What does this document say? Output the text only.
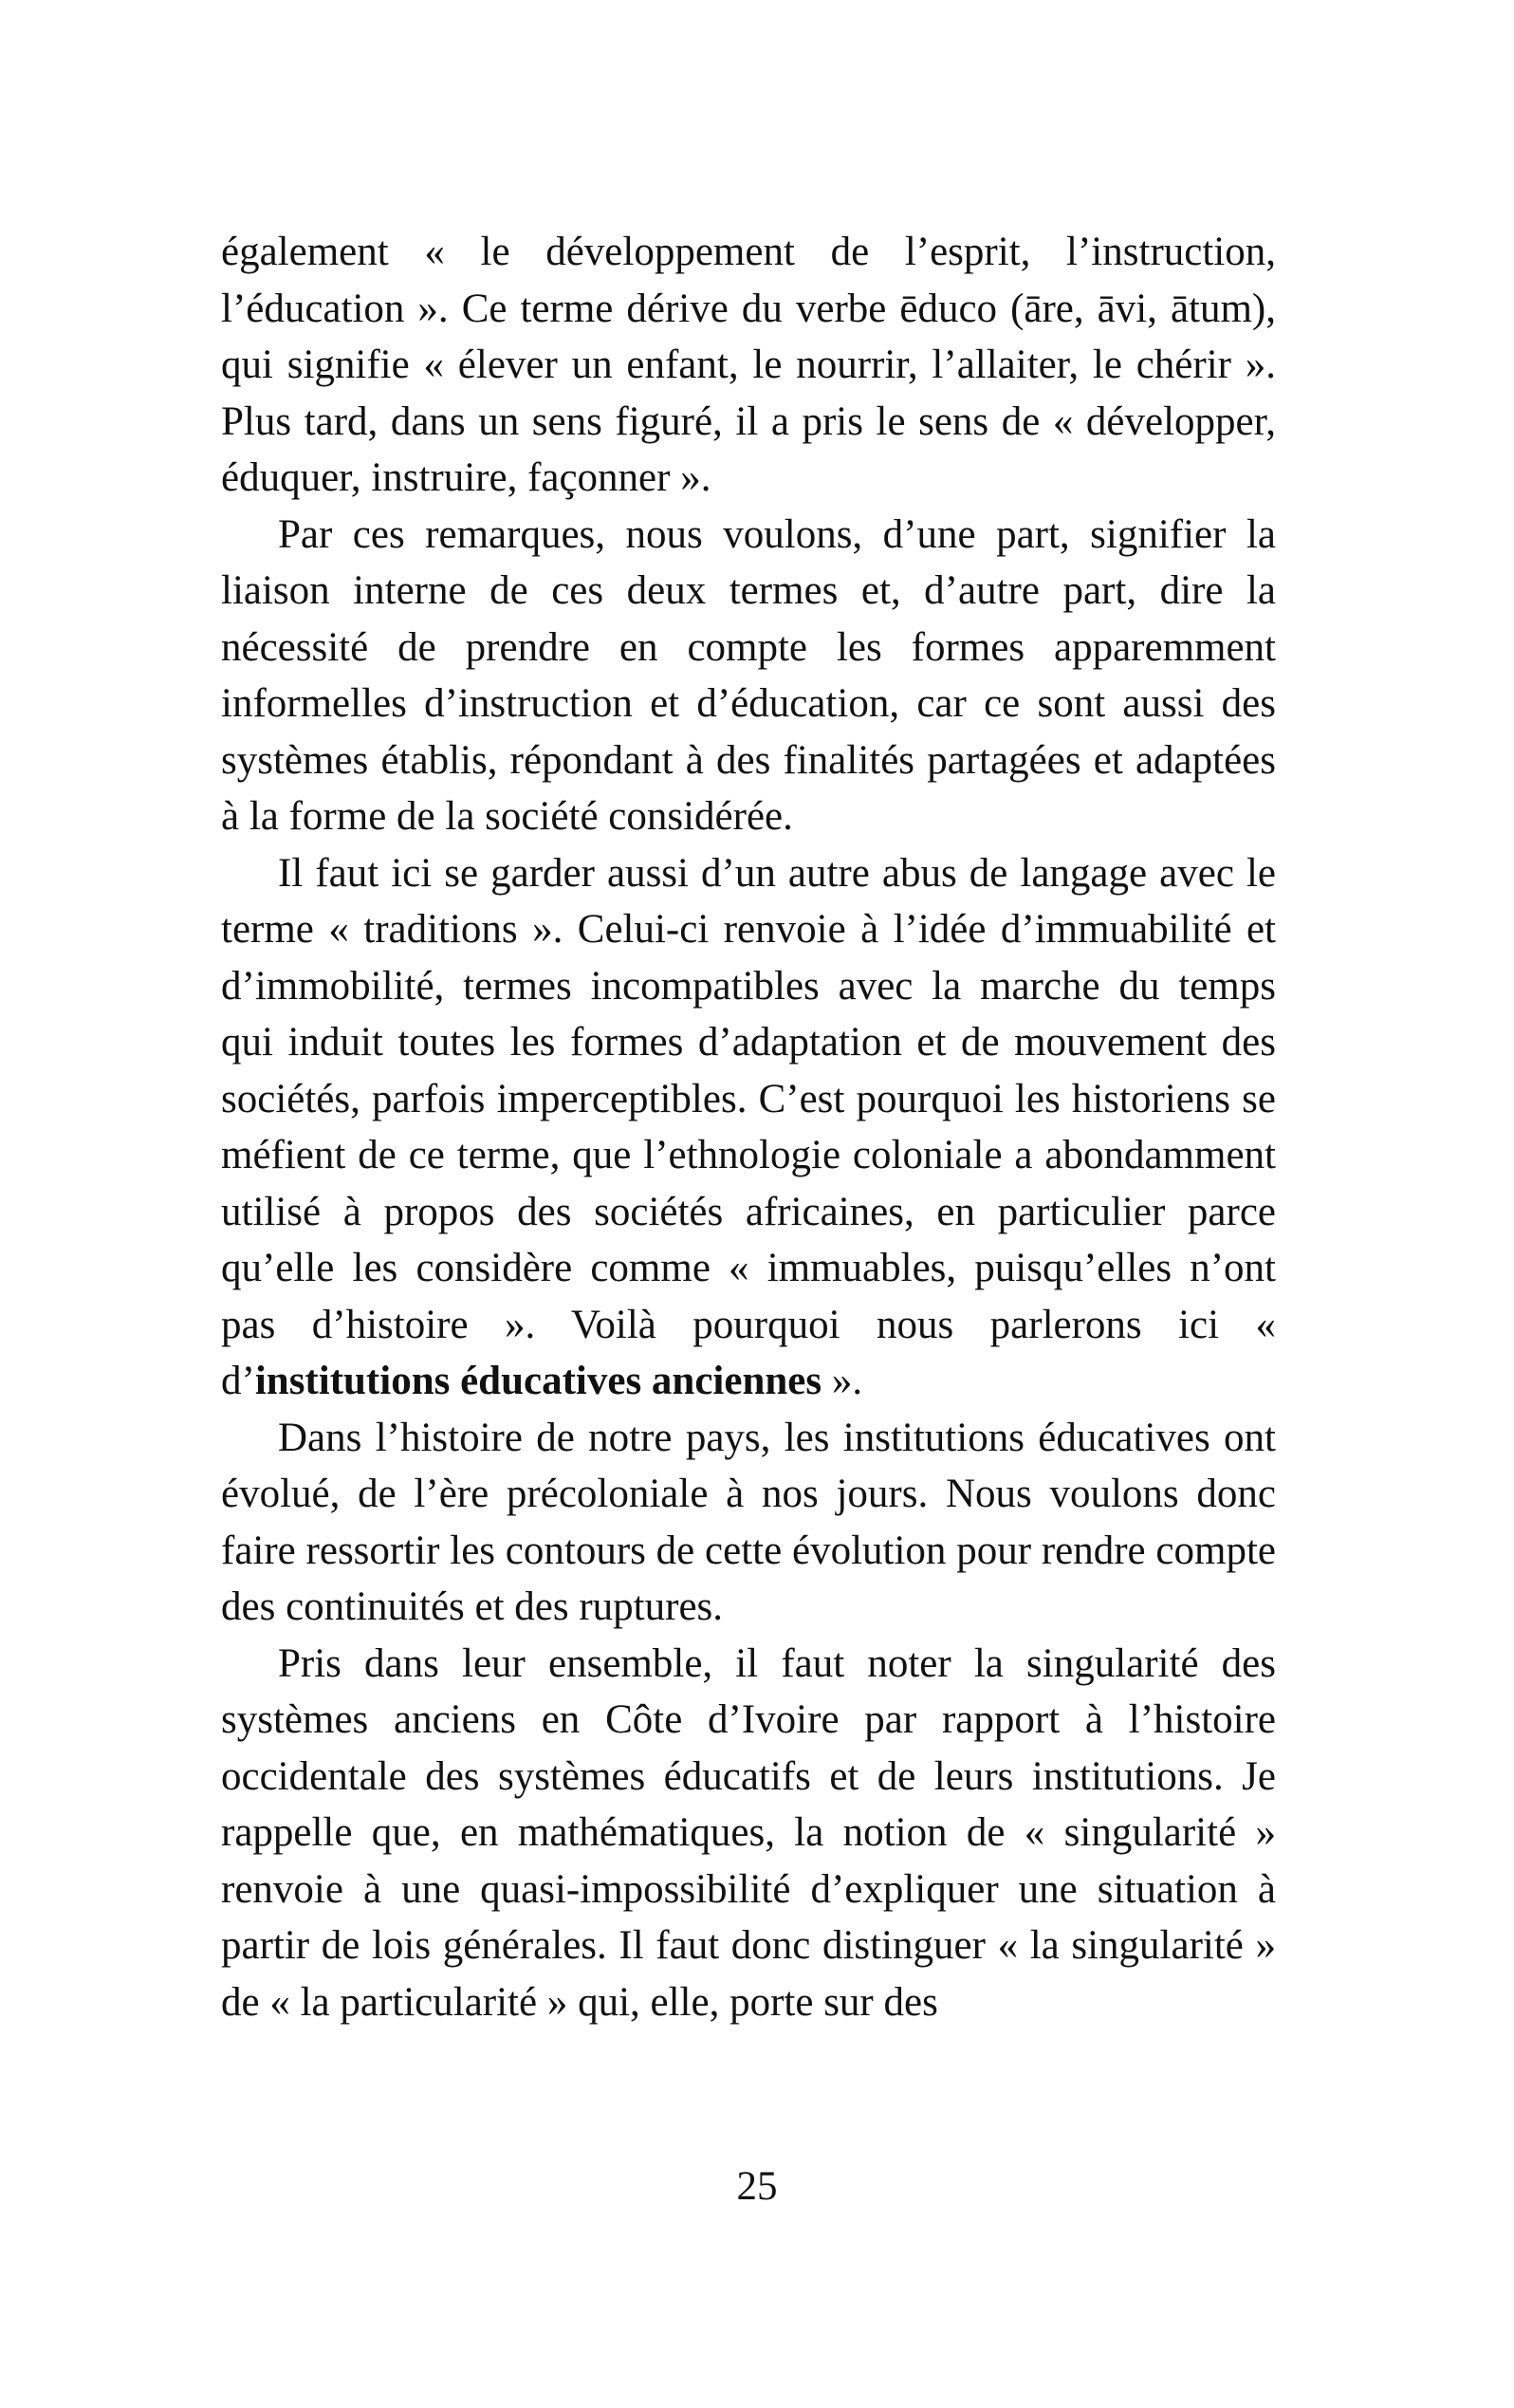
également « le développement de l’esprit, l’instruction, l’éducation ». Ce terme dérive du verbe ēduco (āre, āvi, ātum), qui signifie « élever un enfant, le nourrir, l’allaiter, le chérir ». Plus tard, dans un sens figuré, il a pris le sens de « développer, éduquer, instruire, façonner ».

Par ces remarques, nous voulons, d’une part, signifier la liaison interne de ces deux termes et, d’autre part, dire la nécessité de prendre en compte les formes apparemment informelles d’instruction et d’éducation, car ce sont aussi des systèmes établis, répondant à des finalités partagées et adaptées à la forme de la société considérée.

Il faut ici se garder aussi d’un autre abus de langage avec le terme « traditions ». Celui-ci renvoie à l’idée d’immuabilité et d’immobilité, termes incompatibles avec la marche du temps qui induit toutes les formes d’adaptation et de mouvement des sociétés, parfois imperceptibles. C’est pourquoi les historiens se méfient de ce terme, que l’ethnologie coloniale a abondamment utilisé à propos des sociétés africaines, en particulier parce qu’elle les considère comme « immuables, puisqu’elles n’ont pas d’histoire ». Voilà pourquoi nous parlerons ici « d’institutions éducatives anciennes ».

Dans l’histoire de notre pays, les institutions éducatives ont évolué, de l’ère précoloniale à nos jours. Nous voulons donc faire ressortir les contours de cette évolution pour rendre compte des continuités et des ruptures.

Pris dans leur ensemble, il faut noter la singularité des systèmes anciens en Côte d’Ivoire par rapport à l’histoire occidentale des systèmes éducatifs et de leurs institutions. Je rappelle que, en mathématiques, la notion de « singularité » renvoie à une quasi-impossibilité d’expliquer une situation à partir de lois générales. Il faut donc distinguer « la singularité » de « la particularité » qui, elle, porte sur des

25
